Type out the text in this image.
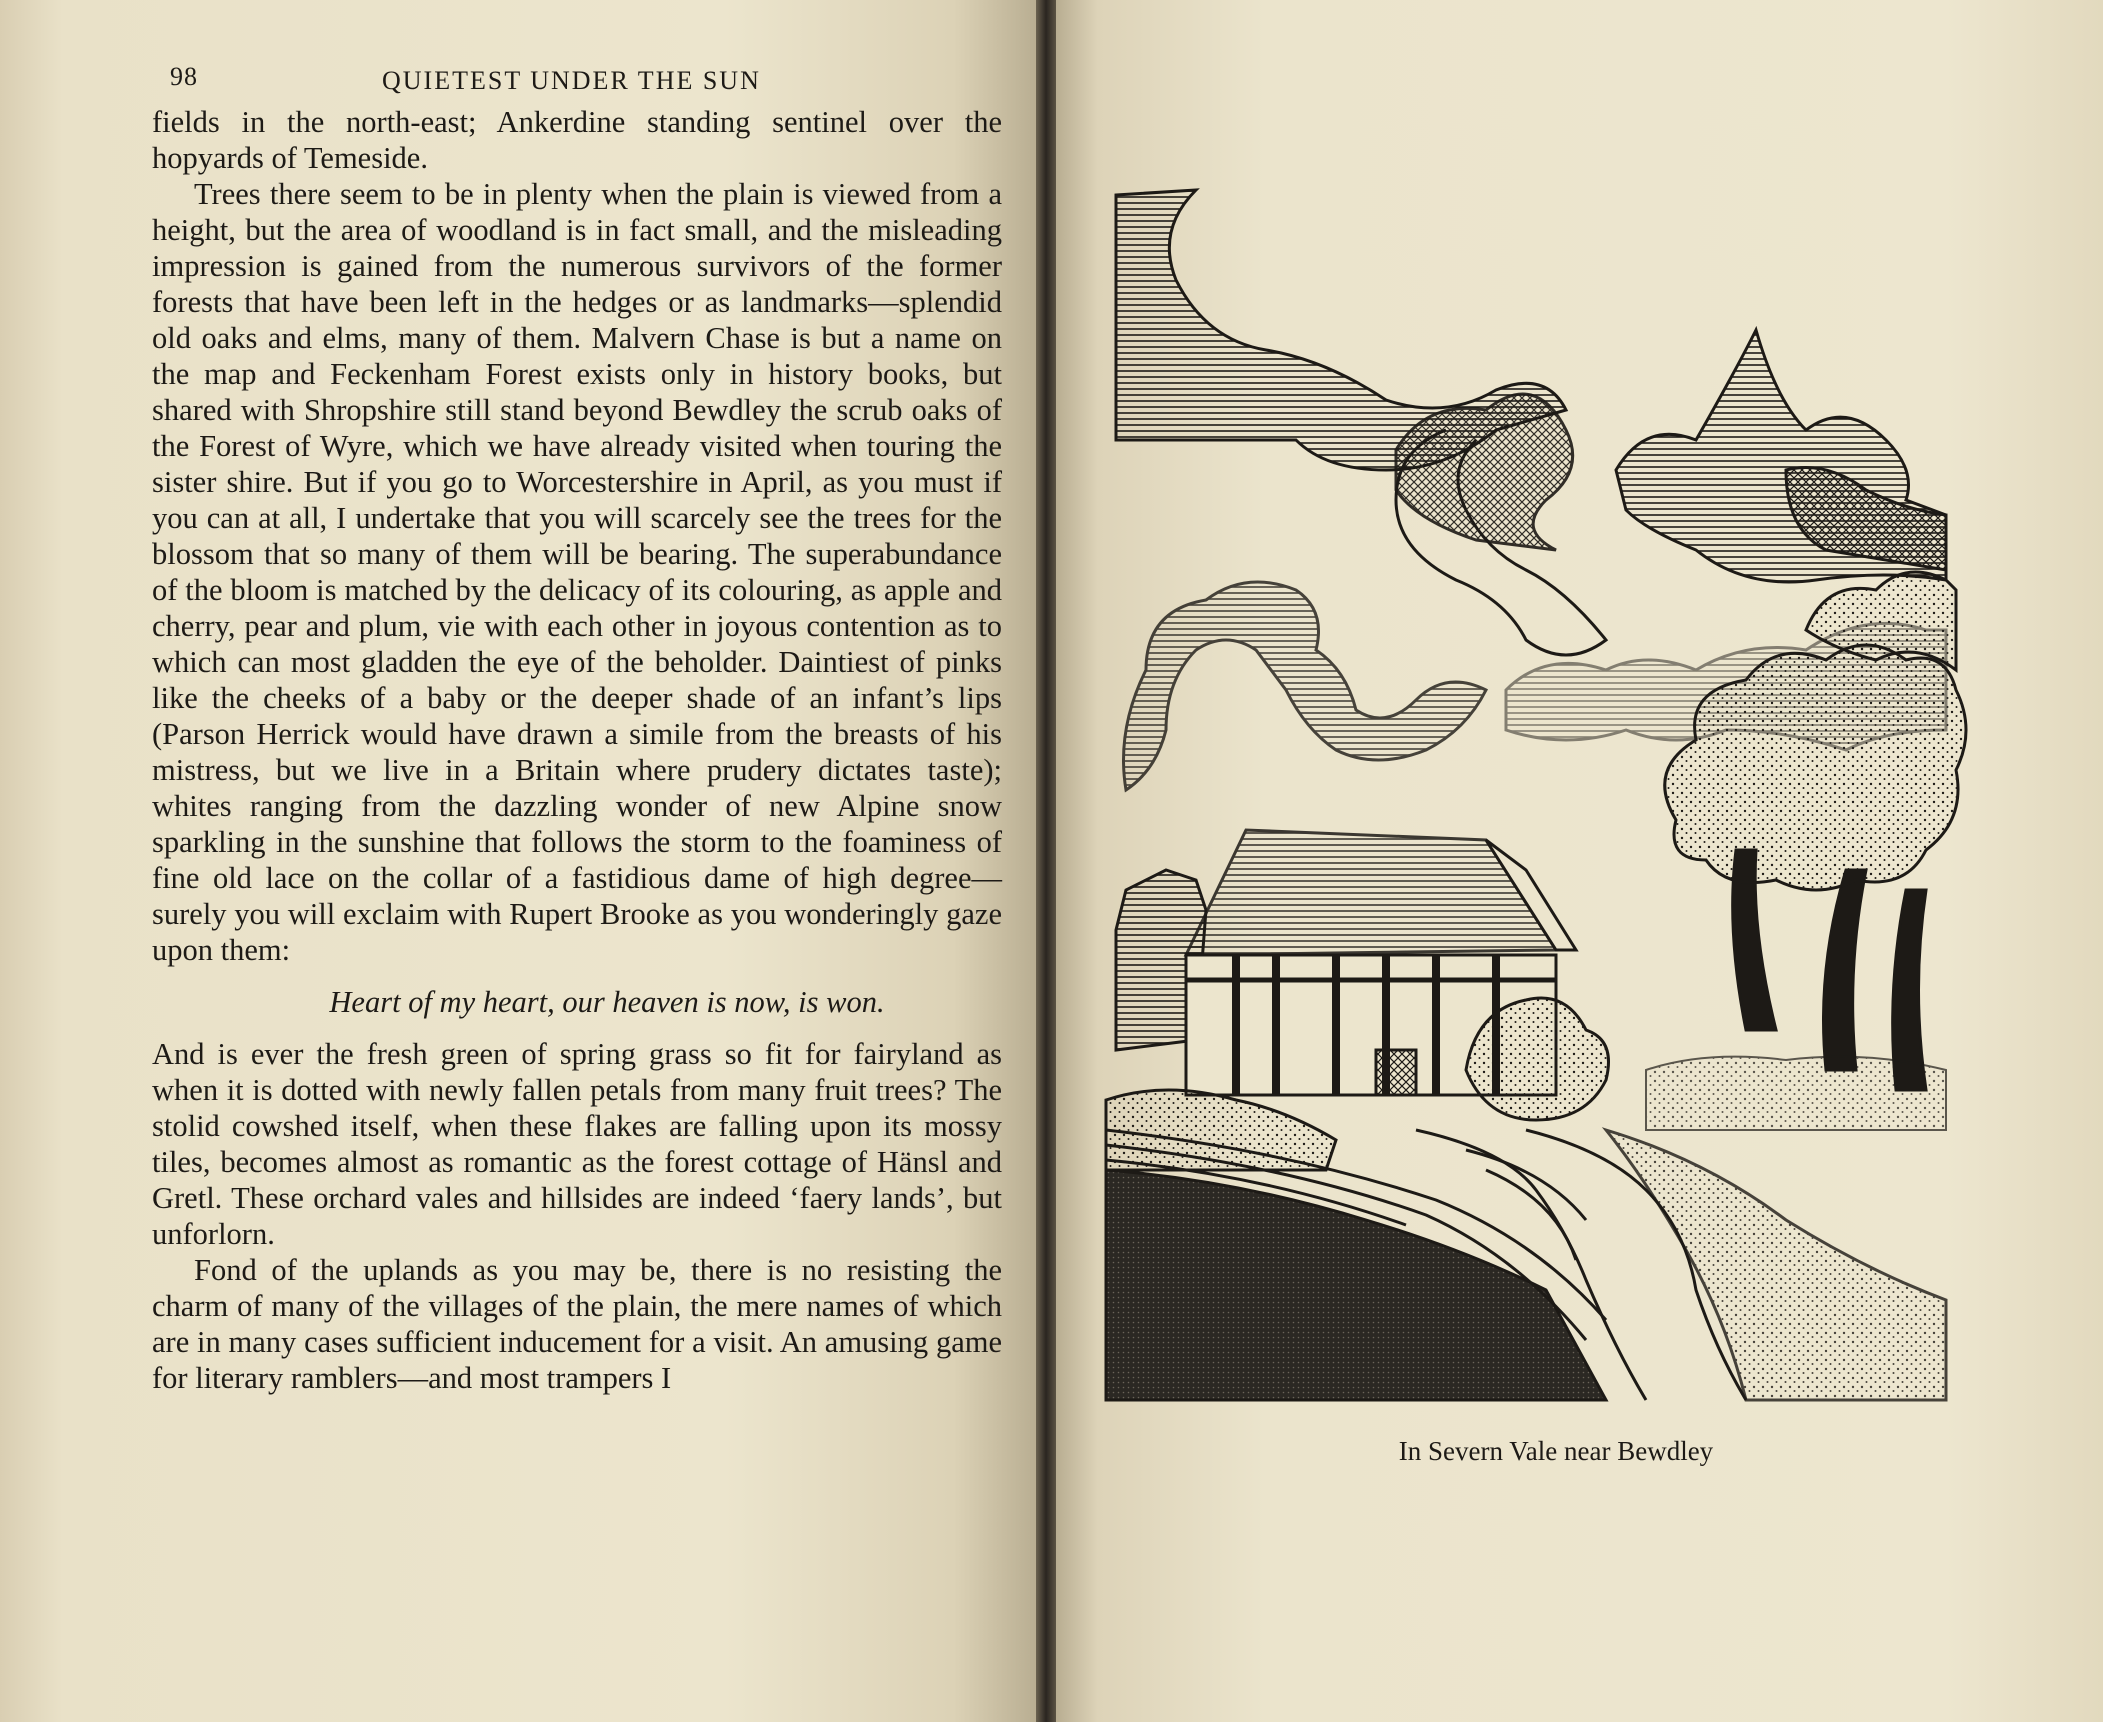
98	QUIETEST UNDER THE SUN

fields in the north-east; Ankerdine standing sentinel over the hopyards of Temeside.

Trees there seem to be in plenty when the plain is viewed from a height, but the area of woodland is in fact small, and the misleading impression is gained from the numerous survivors of the former forests that have been left in the hedges or as landmarks—splendid old oaks and elms, many of them. Malvern Chase is but a name on the map and Feckenham Forest exists only in history books, but shared with Shropshire still stand beyond Bewdley the scrub oaks of the Forest of Wyre, which we have already visited when touring the sister shire. But if you go to Worcestershire in April, as you must if you can at all, I undertake that you will scarcely see the trees for the blossom that so many of them will be bearing. The superabundance of the bloom is matched by the delicacy of its colouring, as apple and cherry, pear and plum, vie with each other in joyous contention as to which can most gladden the eye of the beholder. Daintiest of pinks like the cheeks of a baby or the deeper shade of an infant’s lips (Parson Herrick would have drawn a simile from the breasts of his mistress, but we live in a Britain where prudery dictates taste); whites ranging from the dazzling wonder of new Alpine snow sparkling in the sunshine that follows the storm to the foaminess of fine old lace on the collar of a fastidious dame of high degree—surely you will exclaim with Rupert Brooke as you wonderingly gaze upon them:

Heart of my heart, our heaven is now, is won.

And is ever the fresh green of spring grass so fit for fairyland as when it is dotted with newly fallen petals from many fruit trees? The stolid cowshed itself, when these flakes are falling upon its mossy tiles, becomes almost as romantic as the forest cottage of Hänsl and Gretl. These orchard vales and hillsides are indeed ‘faery lands’, but unforlorn.

Fond of the uplands as you may be, there is no resisting the charm of many of the villages of the plain, the mere names of which are in many cases sufficient inducement for a visit. An amusing game for literary ramblers—and most trampers I

In Severn Vale near Bewdley
